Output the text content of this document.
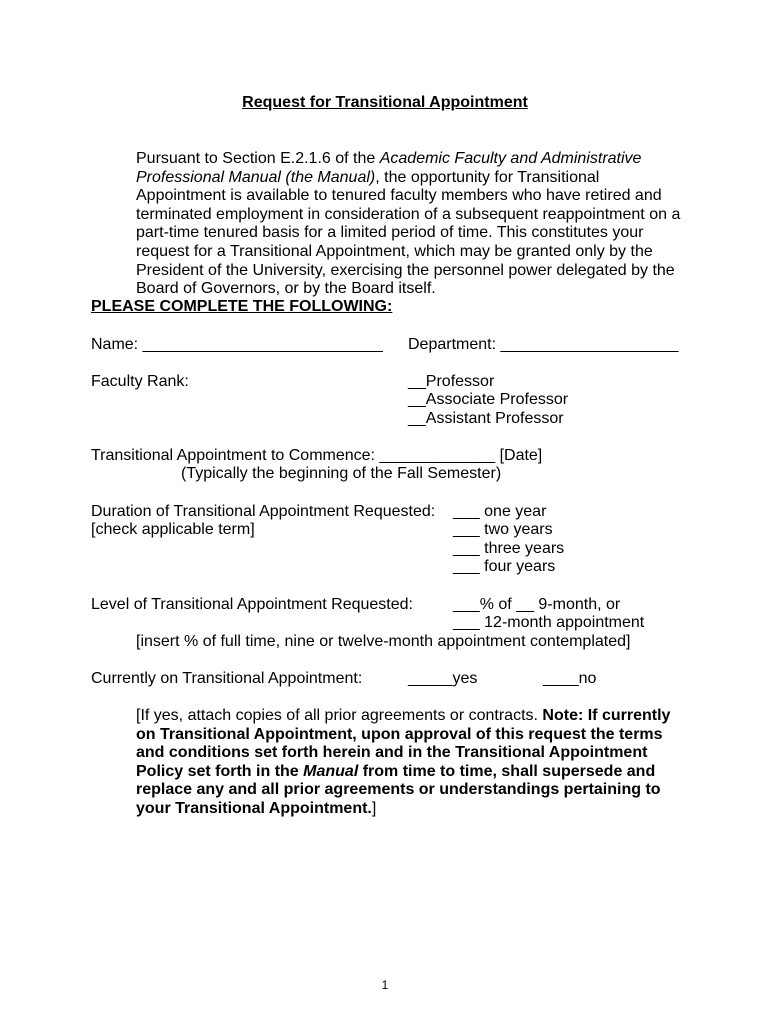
Request for Transitional Appointment

Pursuant to Section E.2.1.6 of the Academic Faculty and Administrative Professional Manual (the Manual), the opportunity for Transitional Appointment is available to tenured faculty members who have retired and terminated employment in consideration of a subsequent reappointment on a part-time tenured basis for a limited period of time. This constitutes your request for a Transitional Appointment, which may be granted only by the President of the University, exercising the personnel power delegated by the Board of Governors, or by the Board itself.

PLEASE COMPLETE THE FOLLOWING:
Name: ___________________________ Department: ____________________
Faculty Rank:	__Professor
__Associate Professor
__Assistant Professor
Transitional Appointment to Commence: _____________ [Date]
(Typically the beginning of the Fall Semester)
Duration of Transitional Appointment Requested:
[check applicable term]
___ one year
___ two years
___ three years
___ four years
Level of Transitional Appointment Requested:	___% of __ 9-month, or
___ 12-month appointment
[insert % of full time, nine or twelve-month appointment contemplated]
Currently on Transitional Appointment:	_____yes	____no

[If yes, attach copies of all prior agreements or contracts. Note: If currently on Transitional Appointment, upon approval of this request the terms and conditions set forth herein and in the Transitional Appointment Policy set forth in the Manual from time to time, shall supersede and replace any and all prior agreements or understandings pertaining to your Transitional Appointment.]

1
